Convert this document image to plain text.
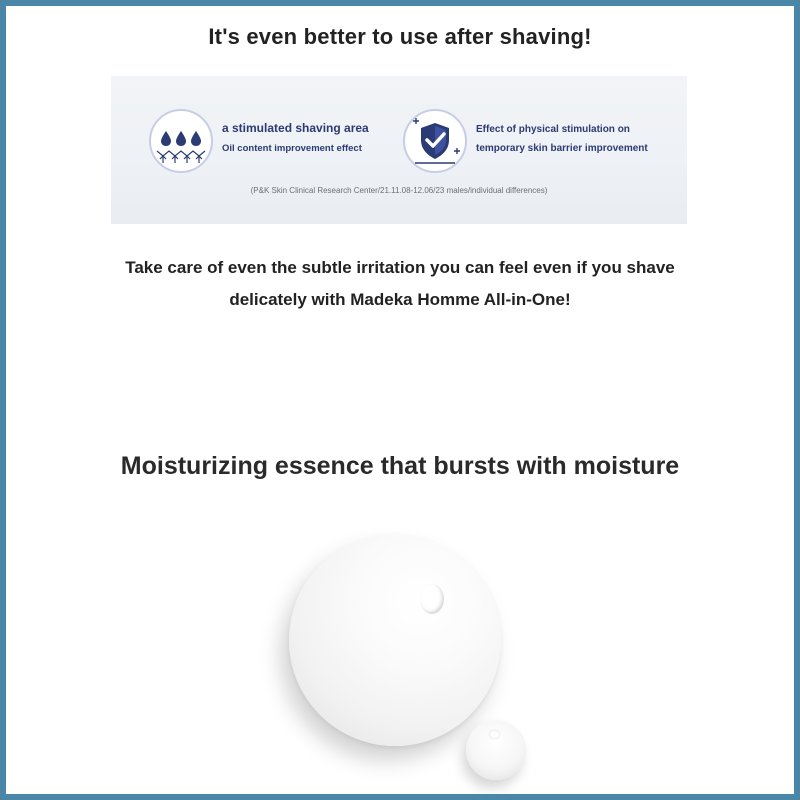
It's even better to use after shaving!
a stimulated shaving area
Oil content improvement effect
Effect of physical stimulation on
temporary skin barrier improvement
(P&K Skin Clinical Research Center/21.11.08-12.06/23 males/individual differences)
Take care of even the subtle irritation you can feel even if you shave
delicately with Madeka Homme All-in-One!
Moisturizing essence that bursts with moisture
